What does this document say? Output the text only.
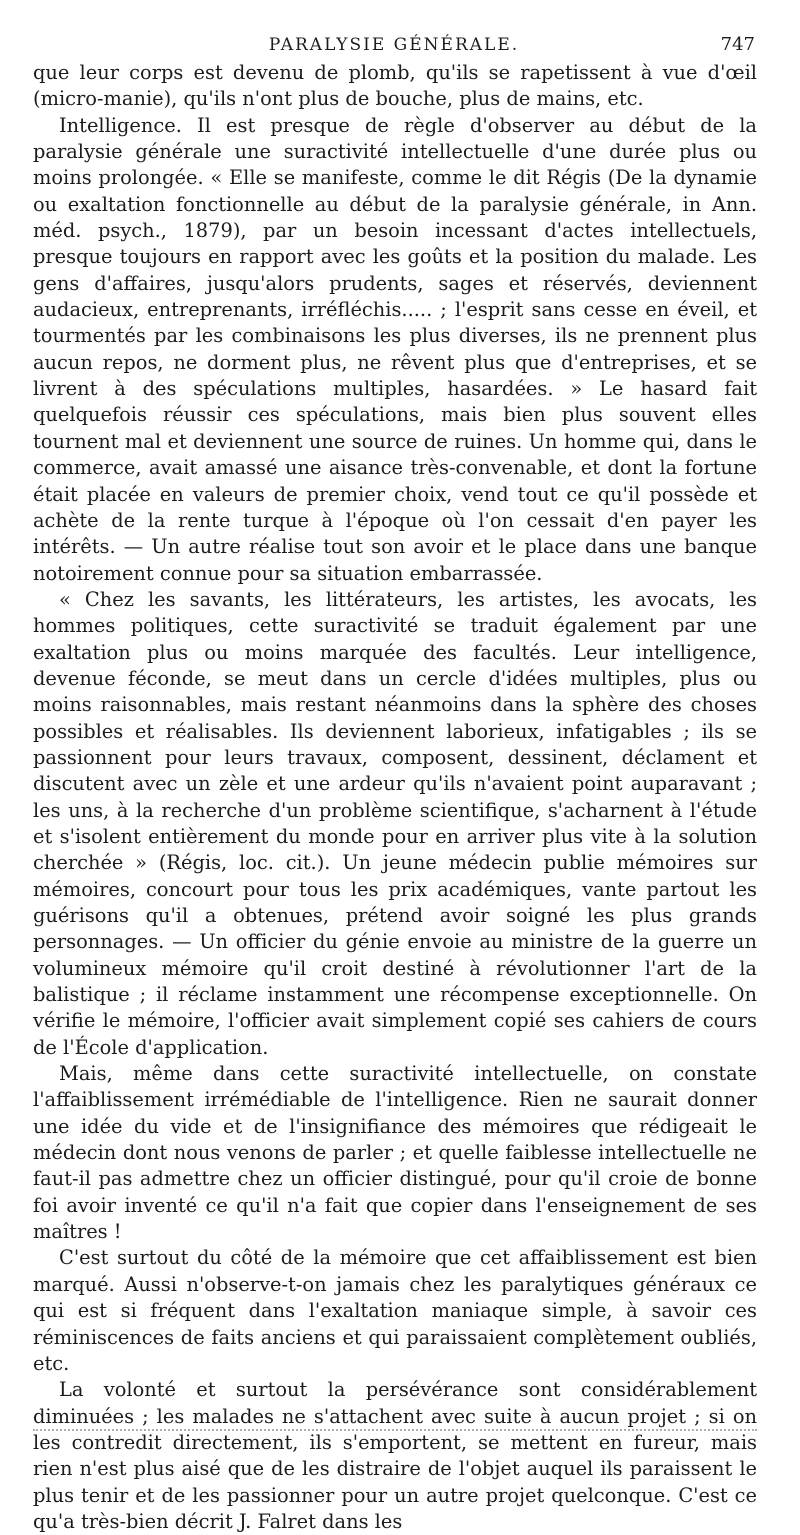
PARALYSIE GÉNÉRALE.	747

que leur corps est devenu de plomb, qu'ils se rapetissent à vue d'œil (micro-manie), qu'ils n'ont plus de bouche, plus de mains, etc.

Intelligence. Il est presque de règle d'observer au début de la paralysie générale une suractivité intellectuelle d'une durée plus ou moins prolongée. « Elle se manifeste, comme le dit Régis (De la dynamie ou exaltation fonctionnelle au début de la paralysie générale, in Ann. méd. psych., 1879), par un besoin incessant d'actes intellectuels, presque toujours en rapport avec les goûts et la position du malade. Les gens d'affaires, jusqu'alors prudents, sages et réservés, deviennent audacieux, entreprenants, irréfléchis..... ; l'esprit sans cesse en éveil, et tourmentés par les combinaisons les plus diverses, ils ne prennent plus aucun repos, ne dorment plus, ne rêvent plus que d'entreprises, et se livrent à des spéculations multiples, hasardées. » Le hasard fait quelquefois réussir ces spéculations, mais bien plus souvent elles tournent mal et deviennent une source de ruines. Un homme qui, dans le commerce, avait amassé une aisance très-convenable, et dont la fortune était placée en valeurs de premier choix, vend tout ce qu'il possède et achète de la rente turque à l'époque où l'on cessait d'en payer les intérêts. — Un autre réalise tout son avoir et le place dans une banque notoirement connue pour sa situation embarrassée.

« Chez les savants, les littérateurs, les artistes, les avocats, les hommes politiques, cette suractivité se traduit également par une exaltation plus ou moins marquée des facultés. Leur intelligence, devenue féconde, se meut dans un cercle d'idées multiples, plus ou moins raisonnables, mais restant néanmoins dans la sphère des choses possibles et réalisables. Ils deviennent laborieux, infatigables ; ils se passionnent pour leurs travaux, composent, dessinent, déclament et discutent avec un zèle et une ardeur qu'ils n'avaient point auparavant ; les uns, à la recherche d'un problème scientifique, s'acharnent à l'étude et s'isolent entièrement du monde pour en arriver plus vite à la solution cherchée » (Régis, loc. cit.). Un jeune médecin publie mémoires sur mémoires, concourt pour tous les prix académiques, vante partout les guérisons qu'il a obtenues, prétend avoir soigné les plus grands personnages. — Un officier du génie envoie au ministre de la guerre un volumineux mémoire qu'il croit destiné à révolutionner l'art de la balistique ; il réclame instamment une récompense exceptionnelle. On vérifie le mémoire, l'officier avait simplement copié ses cahiers de cours de l'École d'application.

Mais, même dans cette suractivité intellectuelle, on constate l'affaiblissement irrémédiable de l'intelligence. Rien ne saurait donner une idée du vide et de l'insignifiance des mémoires que rédigeait le médecin dont nous venons de parler ; et quelle faiblesse intellectuelle ne faut-il pas admettre chez un officier distingué, pour qu'il croie de bonne foi avoir inventé ce qu'il n'a fait que copier dans l'enseignement de ses maîtres !

C'est surtout du côté de la mémoire que cet affaiblissement est bien marqué. Aussi n'observe-t-on jamais chez les paralytiques généraux ce qui est si fréquent dans l'exaltation maniaque simple, à savoir ces réminiscences de faits anciens et qui paraissaient complètement oubliés, etc.

La volonté et surtout la persévérance sont considérablement diminuées ; les malades ne s'attachent avec suite à aucun projet ; si on les contredit directement, ils s'emportent, se mettent en fureur, mais rien n'est plus aisé que de les distraire de l'objet auquel ils paraissent le plus tenir et de les passionner pour un autre projet quelconque. C'est ce qu'a très-bien décrit J. Falret dans les
